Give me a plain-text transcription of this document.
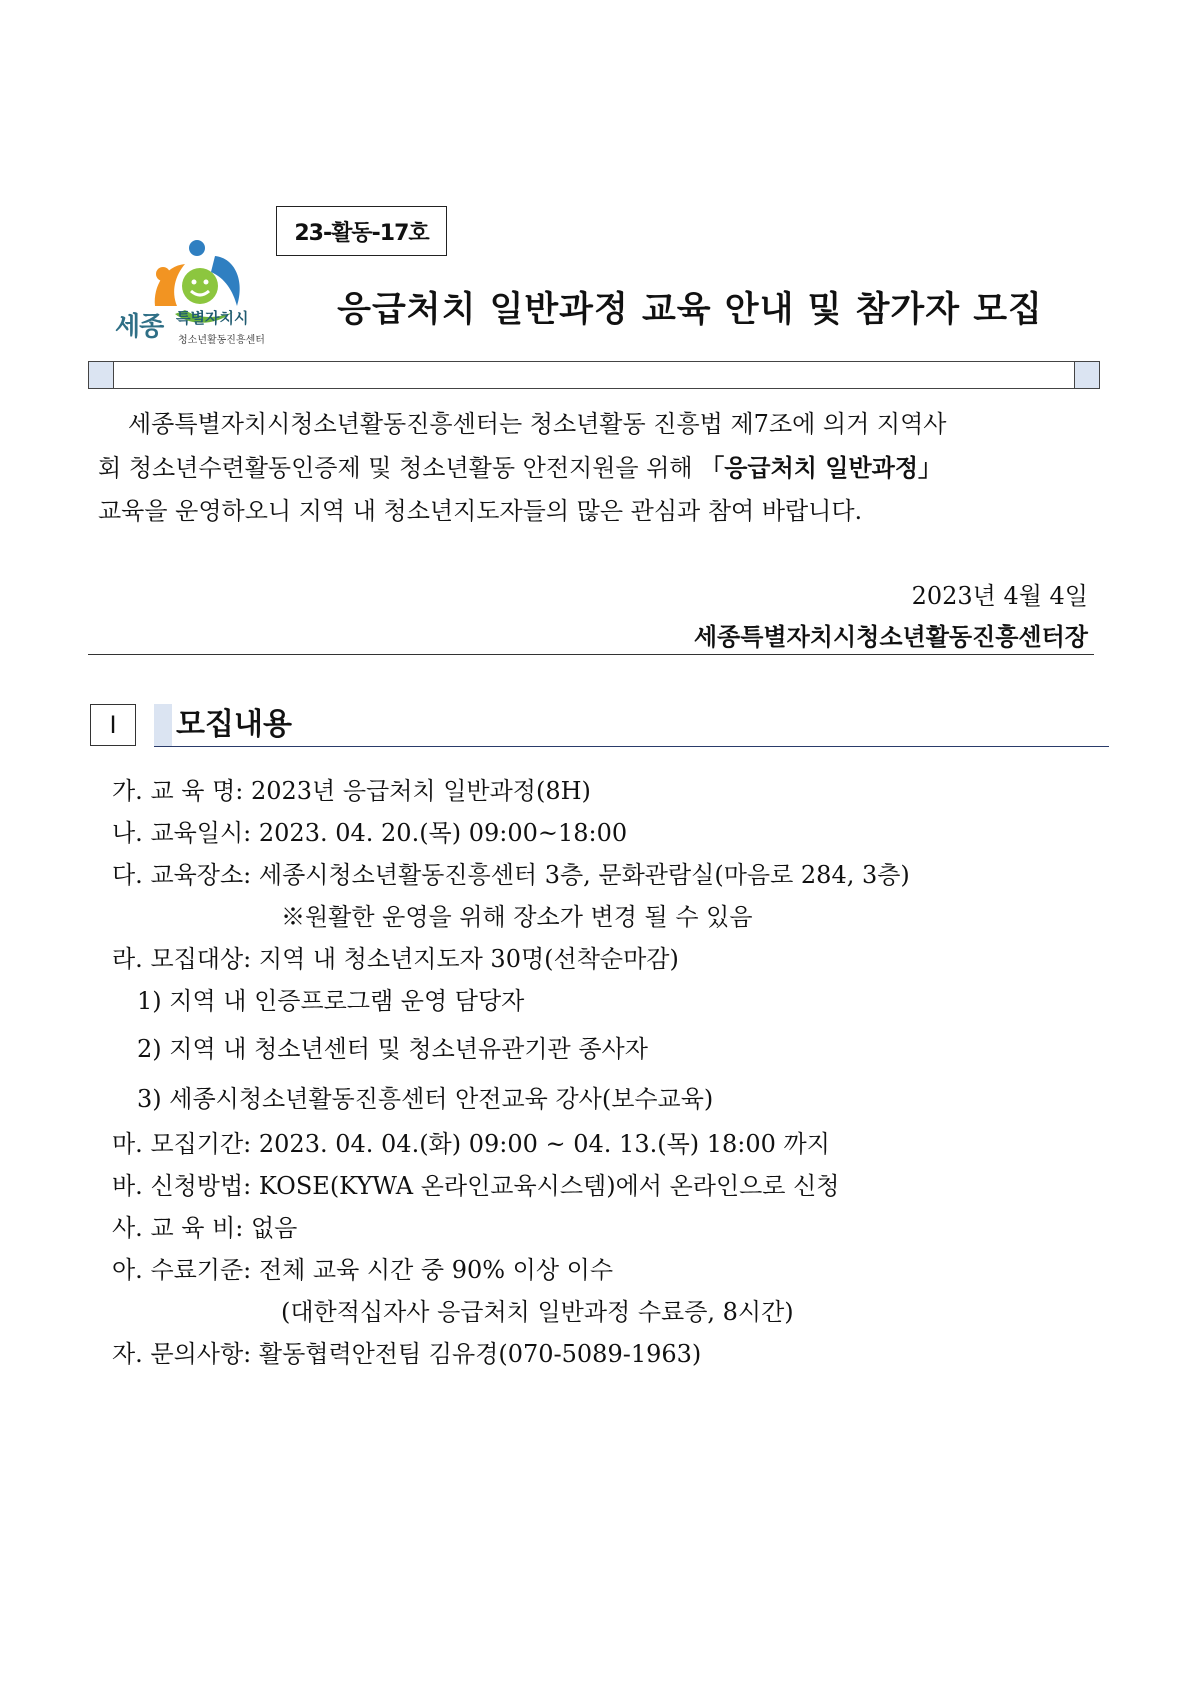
세종 특별자치시
청소년활동진흥센터
23-활동-17호
응급처치 일반과정 교육 안내 및 참가자 모집

세종특별자치시청소년활동진흥센터는 청소년활동 진흥법 제7조에 의거 지역사

회 청소년수련활동인증제 및 청소년활동 안전지원을 위해 「응급처치 일반과정」

교육을 운영하오니 지역 내 청소년지도자들의 많은 관심과 참여 바랍니다.

2023년 4월 4일
세종특별자치시청소년활동진흥센터장
Ⅰ	모집내용
가. 교 육 명: 2023년 응급처치 일반과정(8H)
나. 교육일시: 2023. 04. 20.(목) 09:00~18:00
다. 교육장소: 세종시청소년활동진흥센터 3층, 문화관람실(마음로 284, 3층)
※원활한 운영을 위해 장소가 변경 될 수 있음
라. 모집대상: 지역 내 청소년지도자 30명(선착순마감)
1) 지역 내 인증프로그램 운영 담당자
2) 지역 내 청소년센터 및 청소년유관기관 종사자
3) 세종시청소년활동진흥센터 안전교육 강사(보수교육)
마. 모집기간: 2023. 04. 04.(화) 09:00 ~ 04. 13.(목) 18:00 까지
바. 신청방법: KOSE(KYWA 온라인교육시스템)에서 온라인으로 신청
사. 교 육 비: 없음
아. 수료기준: 전체 교육 시간 중 90% 이상 이수
(대한적십자사 응급처치 일반과정 수료증, 8시간)
자. 문의사항: 활동협력안전팀 김유경(070-5089-1963)
